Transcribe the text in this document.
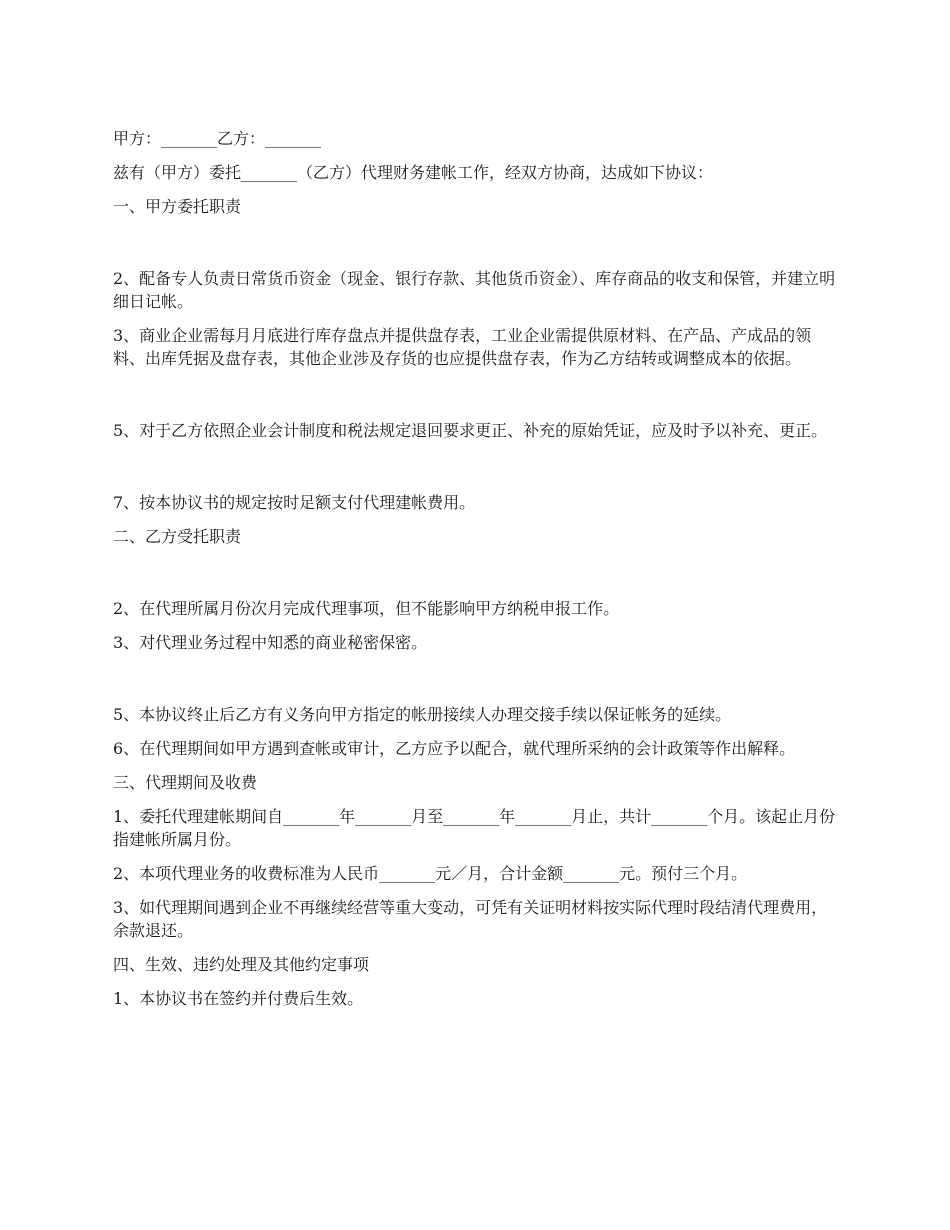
甲方：_______乙方：_______

兹有（甲方）委托_______（乙方）代理财务建帐工作，经双方协商，达成如下协议：

一、甲方委托职责

2、配备专人负责日常货币资金（现金、银行存款、其他货币资金）、库存商品的收支和保管，并建立明细日记帐。

3、商业企业需每月月底进行库存盘点并提供盘存表，工业企业需提供原材料、在产品、产成品的领料、出库凭据及盘存表，其他企业涉及存货的也应提供盘存表，作为乙方结转或调整成本的依据。

5、对于乙方依照企业会计制度和税法规定退回要求更正、补充的原始凭证，应及时予以补充、更正。

7、按本协议书的规定按时足额支付代理建帐费用。

二、乙方受托职责

2、在代理所属月份次月完成代理事项，但不能影响甲方纳税申报工作。

3、对代理业务过程中知悉的商业秘密保密。

5、本协议终止后乙方有义务向甲方指定的帐册接续人办理交接手续以保证帐务的延续。

6、在代理期间如甲方遇到查帐或审计，乙方应予以配合，就代理所采纳的会计政策等作出解释。

三、代理期间及收费

1、委托代理建帐期间自_______年_______月至_______年_______月止，共计_______个月。该起止月份指建帐所属月份。

2、本项代理业务的收费标准为人民币_______元／月，合计金额_______元。预付三个月。

3、如代理期间遇到企业不再继续经营等重大变动，可凭有关证明材料按实际代理时段结清代理费用，余款退还。

四、生效、违约处理及其他约定事项

1、本协议书在签约并付费后生效。
